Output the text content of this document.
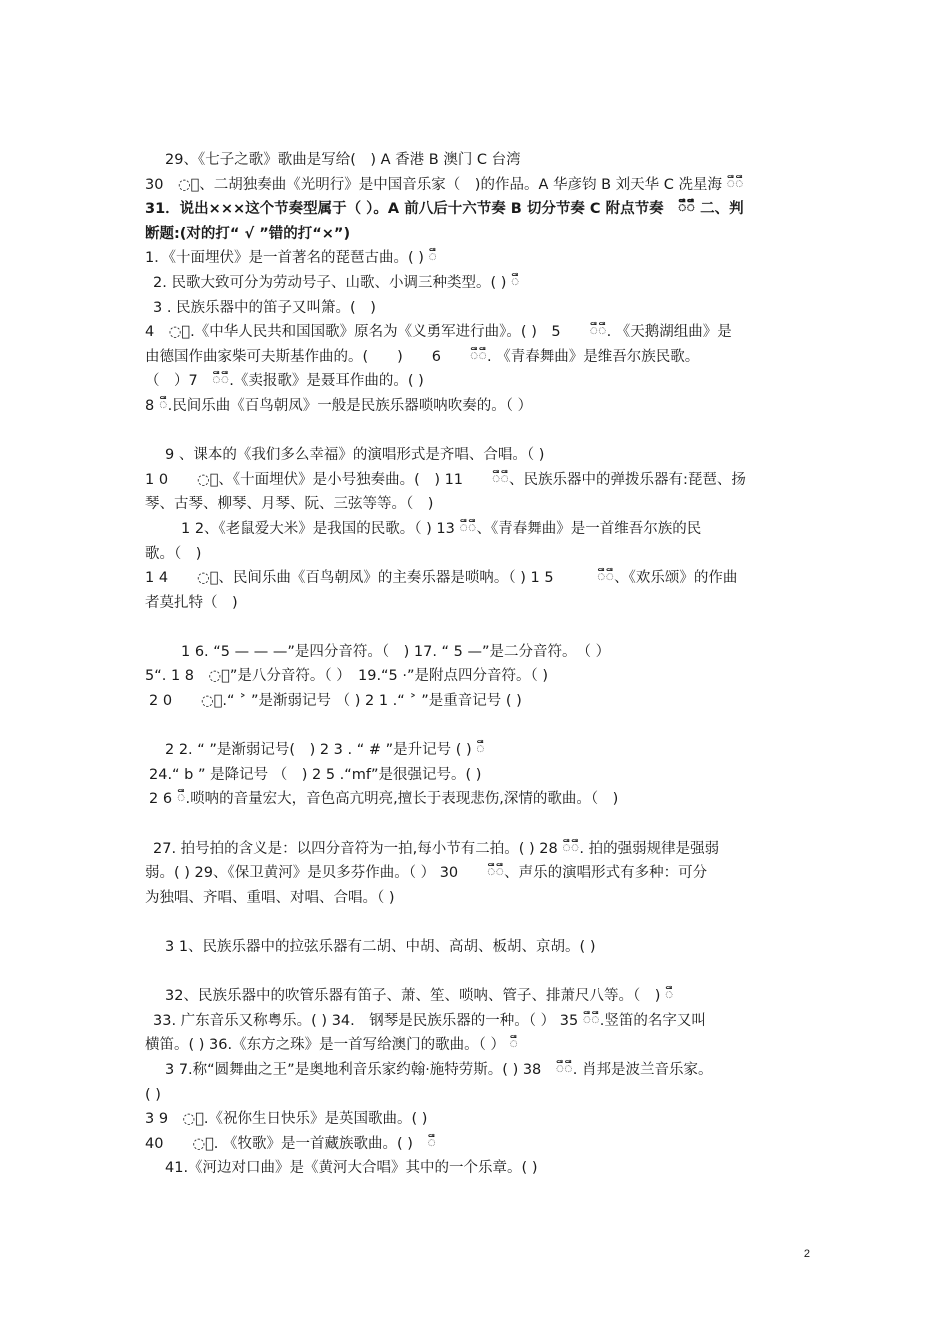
29、《七子之歌》歌曲是写给(　) A 香港 B 澳门 C 台湾
30　ឹ、二胡独奏曲《光明行》是中国音乐家（　)的作品。A 华彦钧 B 刘天华 C 冼星海 ឹឹ
31．说出×××这个节奏型属于（ ）。A 前八后十六节奏 B 切分节奏 C 附点节奏　ឹឹ 二、判
断题:(对的打“ √ ”错的打“×”)
1．《十面埋伏》是一首著名的琵琶古曲。( ) ឹ
2. 民歌大致可分为劳动号子、山歌、小调三种类型。( ) ឹ
3 . 民族乐器中的笛子又叫箫。(　)
4　ឹ.《中华人民共和国国歌》原名为《义勇军进行曲》。( )　5　　ឹឹ. 《天鹅湖组曲》是
由德国作曲家柴可夫斯基作曲的。(　　)　　6　　ឹឹ. 《青春舞曲》是维吾尔族民歌。
（　）7　ឹឹ.《卖报歌》是聂耳作曲的。( )
8 ឹ.民间乐曲《百鸟朝凤》一般是民族乐器唢呐吹奏的。（ ）
9 、课本的《我们多么幸福》的演唱形式是齐唱、合唱。（ )
1 0　　ឹ、《十面埋伏》是小号独奏曲。(　) 11　　ឹឹ、民族乐器中的弹拨乐器有:琵琶、扬
琴、古琴、柳琴、月琴、阮、三弦等等。（　)
1 2、《老鼠爱大米》是我国的民歌。（ ) 13 ឹឹ、《青春舞曲》是一首维吾尔族的民
歌。（　)
1 4　　ឹ、民间乐曲《百鸟朝凤》的主奏乐器是唢呐。（ ) 1 5　　　ឹឹ、《欢乐颂》的作曲
者莫扎特（　)
1 6. “5 — — —”是四分音符。（　) 17. “ 5 —”是二分音符。　（ ）
5“. 1 8　ឹ”是八分音符。（ ）　19.“5 ·”是附点四分音符。（ )
2 0　　ឹ.“ ˃ ”是渐弱记号 （ ) 2 1 .“ ˃ ”是重音记号 ( )
2 2. “ ”是渐弱记号(　) 2 3 . “ # ”是升记号 ( ) ឹ
24.“ b ” 是降记号 （　) 2 5 .“mf”是很强记号。( )
2 6 ឹ.唢呐的音量宏大，音色高亢明亮,擅长于表现悲伤,深情的歌曲。（　)
27. 拍号拍的含义是：以四分音符为一拍,每小节有二拍。( ) 28 ឹឹ. 拍的强弱规律是强弱
弱。( ) 29、《保卫黄河》是贝多芬作曲。（ ） 30　　ឹឹ、声乐的演唱形式有多种：可分
为独唱、齐唱、重唱、对唱、合唱。（ )
3 1、民族乐器中的拉弦乐器有二胡、中胡、高胡、板胡、京胡。( )
32、民族乐器中的吹管乐器有笛子、萧、笙、唢呐、管子、排萧尺八等。（　) ឹ
33. 广东音乐又称粤乐。( ) 34.　钢琴是民族乐器的一种。（ ） 35 ឹឹ.竖笛的名字又叫
横笛。( ) 36.《东方之珠》是一首写给澳门的歌曲。（ ） ឹ
3 7.称“圆舞曲之王”是奥地利音乐家约翰·施特劳斯。( ) 38　ឹឹ. 肖邦是波兰音乐家。
( )
3 9　ឹ.《祝你生日快乐》是英国歌曲。( )
40　　ឹ. 《牧歌》是一首藏族歌曲。( )　ឹ
41.《河边对口曲》是《黄河大合唱》其中的一个乐章。( )
2
